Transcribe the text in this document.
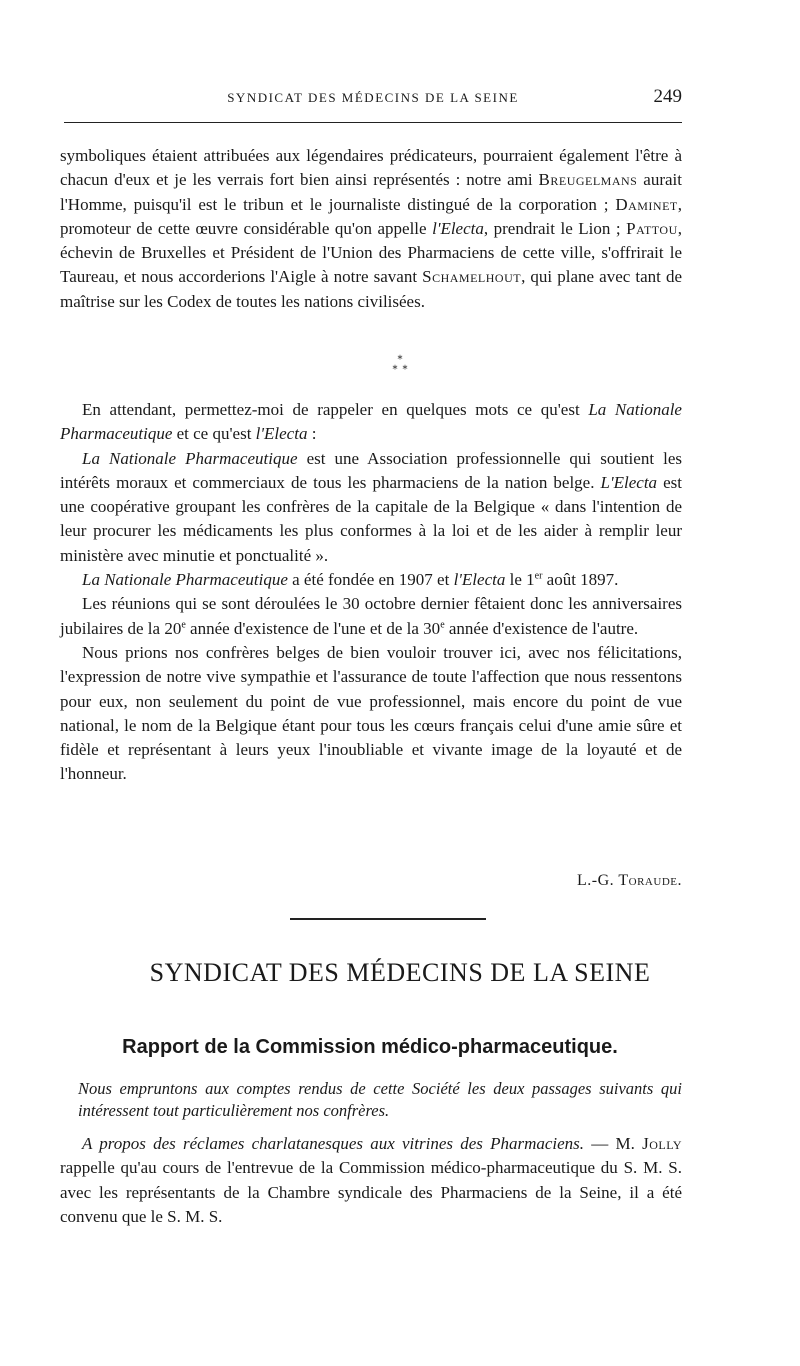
SYNDICAT DES MÉDECINS DE LA SEINE	249

symboliques étaient attribuées aux légendaires prédicateurs, pourraient également l'être à chacun d'eux et je les verrais fort bien ainsi représentés : notre ami Breugelmans aurait l'Homme, puisqu'il est le tribun et le journaliste distingué de la corporation ; Daminet, promoteur de cette œuvre considérable qu'on appelle l'Electa, prendrait le Lion ; Pattou, échevin de Bruxelles et Président de l'Union des Pharmaciens de cette ville, s'offrirait le Taureau, et nous accorderions l'Aigle à notre savant Schamelhout, qui plane avec tant de maîtrise sur les Codex de toutes les nations civilisées.

⁎
⁎  ⁎

En attendant, permettez-moi de rappeler en quelques mots ce qu'est La Nationale Pharmaceutique et ce qu'est l'Electa :

La Nationale Pharmaceutique est une Association professionnelle qui soutient les intérêts moraux et commerciaux de tous les pharmaciens de la nation belge. L'Electa est une coopérative groupant les confrères de la capitale de la Belgique « dans l'intention de leur procurer les médicaments les plus conformes à la loi et de les aider à remplir leur ministère avec minutie et ponctualité ».

La Nationale Pharmaceutique a été fondée en 1907 et l'Electa le 1er août 1897.

Les réunions qui se sont déroulées le 30 octobre dernier fêtaient donc les anniversaires jubilaires de la 20e année d'existence de l'une et de la 30e année d'existence de l'autre.

Nous prions nos confrères belges de bien vouloir trouver ici, avec nos félicitations, l'expression de notre vive sympathie et l'assurance de toute l'affection que nous ressentons pour eux, non seulement du point de vue professionnel, mais encore du point de vue national, le nom de la Belgique étant pour tous les cœurs français celui d'une amie sûre et fidèle et représentant à leurs yeux l'inoubliable et vivante image de la loyauté et de l'honneur.

L.-G. Toraude.
SYNDICAT DES MÉDECINS DE LA SEINE
Rapport de la Commission médico-pharmaceutique.
Nous empruntons aux comptes rendus de cette Société les deux passages suivants qui intéressent tout particulièrement nos confrères.

A propos des réclames charlatanesques aux vitrines des Pharmaciens. — M. Jolly rappelle qu'au cours de l'entrevue de la Commission médico-pharmaceutique du S. M. S. avec les représentants de la Chambre syndicale des Pharmaciens de la Seine, il a été convenu que le S. M. S.
